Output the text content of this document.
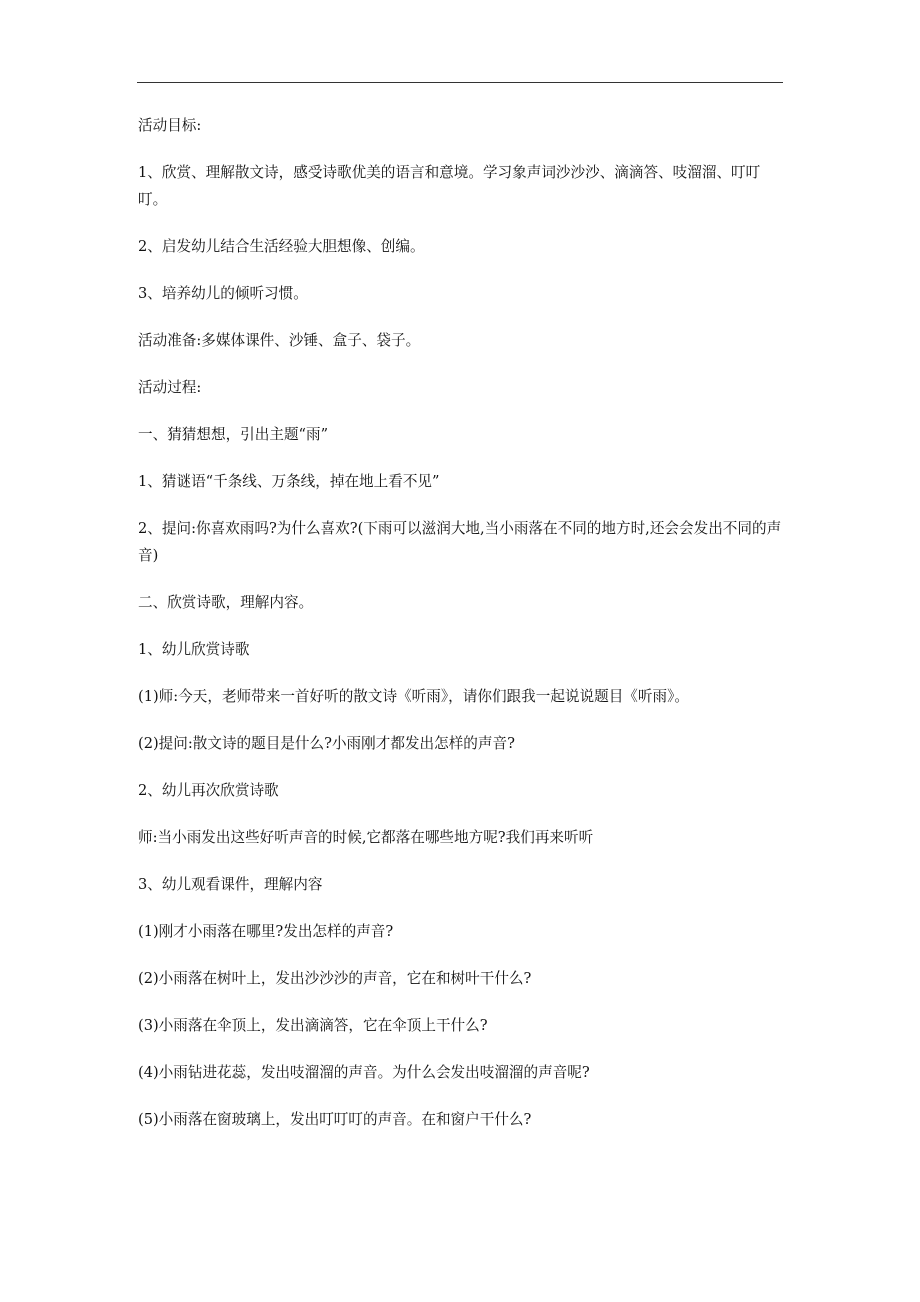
活动目标:

1、欣赏、理解散文诗，感受诗歌优美的语言和意境。学习象声词沙沙沙、滴滴答、吱溜溜、叮叮叮。

2、启发幼儿结合生活经验大胆想像、创编。

3、培养幼儿的倾听习惯。

活动准备:多媒体课件、沙锤、盒子、袋子。

活动过程:

一、猜猜想想，引出主题“雨”

1、猜谜语“千条线、万条线，掉在地上看不见”

2、提问:你喜欢雨吗?为什么喜欢?(下雨可以滋润大地,当小雨落在不同的地方时,还会会发出不同的声音)

二、欣赏诗歌，理解内容。

1、幼儿欣赏诗歌

(1)师:今天，老师带来一首好听的散文诗《听雨》，请你们跟我一起说说题目《听雨》。

(2)提问:散文诗的题目是什么?小雨刚才都发出怎样的声音?

2、幼儿再次欣赏诗歌

师:当小雨发出这些好听声音的时候,它都落在哪些地方呢?我们再来听听

3、幼儿观看课件，理解内容

(1)刚才小雨落在哪里?发出怎样的声音?

(2)小雨落在树叶上，发出沙沙沙的声音，它在和树叶干什么?

(3)小雨落在伞顶上，发出滴滴答，它在伞顶上干什么?

(4)小雨钻进花蕊，发出吱溜溜的声音。为什么会发出吱溜溜的声音呢?

(5)小雨落在窗玻璃上，发出叮叮叮的声音。在和窗户干什么?
